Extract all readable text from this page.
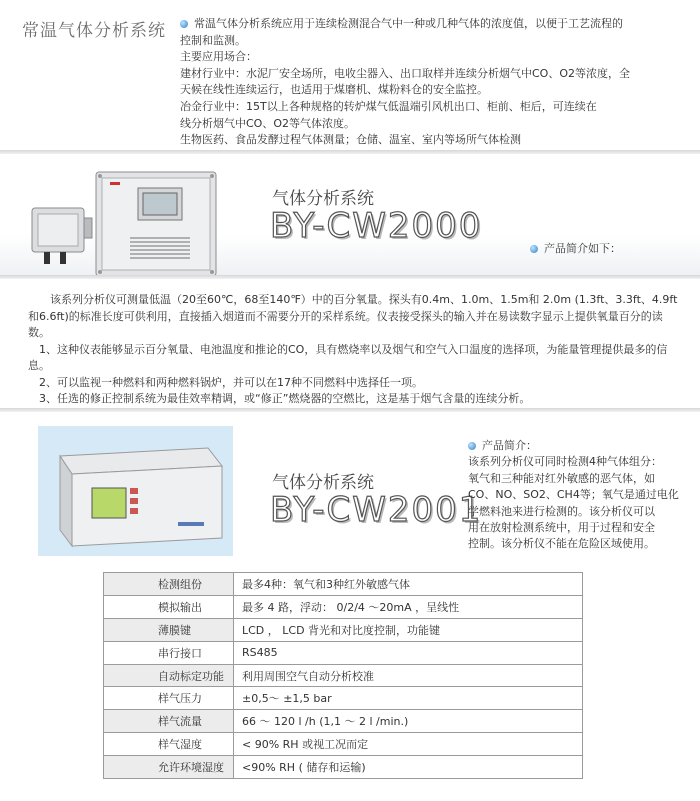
常温气体分析系统	常温气体分析系统应用于连续检测混合气中一种或几种气体的浓度值，以便于工艺流程的

控制和监测。

主要应用场合：

建材行业中：水泥厂安全场所，电收尘器入、出口取样并连续分析烟气中CO、O2等浓度，全

天候在线性连续运行，也适用于煤磨机、煤粉料仓的安全监控。

冶金行业中：15T以上各种规格的转炉煤气低温端引风机出口、柜前、柜后，可连续在

线分析烟气中CO、O2等气体浓度。

生物医药、食品发酵过程气体测量；仓储、温室、室内等场所气体检测

气体分析系统
BY-CW2000
产品简介如下：

该系列分析仪可测量低温（20至60℃，68至140℉）中的百分氧量。探头有0.4m、1.0m、1.5m和 2.0m (1.3ft、3.3ft、4.9ft和6.6ft)的标准长度可供利用，直接插入烟道而不需要分开的采样系统。仪表接受探头的输入并在易读数字显示上提供氧量百分的读数。

1、这种仪表能够显示百分氧量、电池温度和推论的CO，具有燃烧率以及烟气和空气入口温度的选择项，为能量管理提供最多的信息。

2、可以监视一种燃料和两种燃料锅炉，并可以在17种不同燃料中选择任一项。

3、任选的修正控制系统为最佳效率精调，或“修正”燃烧器的空燃比，这是基于烟气含量的连续分析。

气体分析系统
BY-CW2001
产品简介：
该系列分析仪可同时检测4种气体组分：
氧气和三种能对红外敏感的恶气体，如
CO、NO、SO2、CH4等；氧气是通过电化
学燃料池来进行检测的。该分析仪可以
用在放射检测系统中，用于过程和安全
控制。该分析仪不能在危险区域使用。
检测组份	最多4种：氧气和3种红外敏感气体
模拟输出	最多 4 路，浮动： 0/2/4 ～20mA ，呈线性
薄膜键	LCD ， LCD 背光和对比度控制，功能键
串行接口	RS485
自动标定功能	利用周围空气自动分析校准
样气压力	±0,5～ ±1,5 bar
样气流量	66 ～ 120 l /h (1,1 ～ 2 l /min.)
样气湿度	< 90% RH 或视工况而定
允许环境湿度	<90% RH ( 储存和运输)
